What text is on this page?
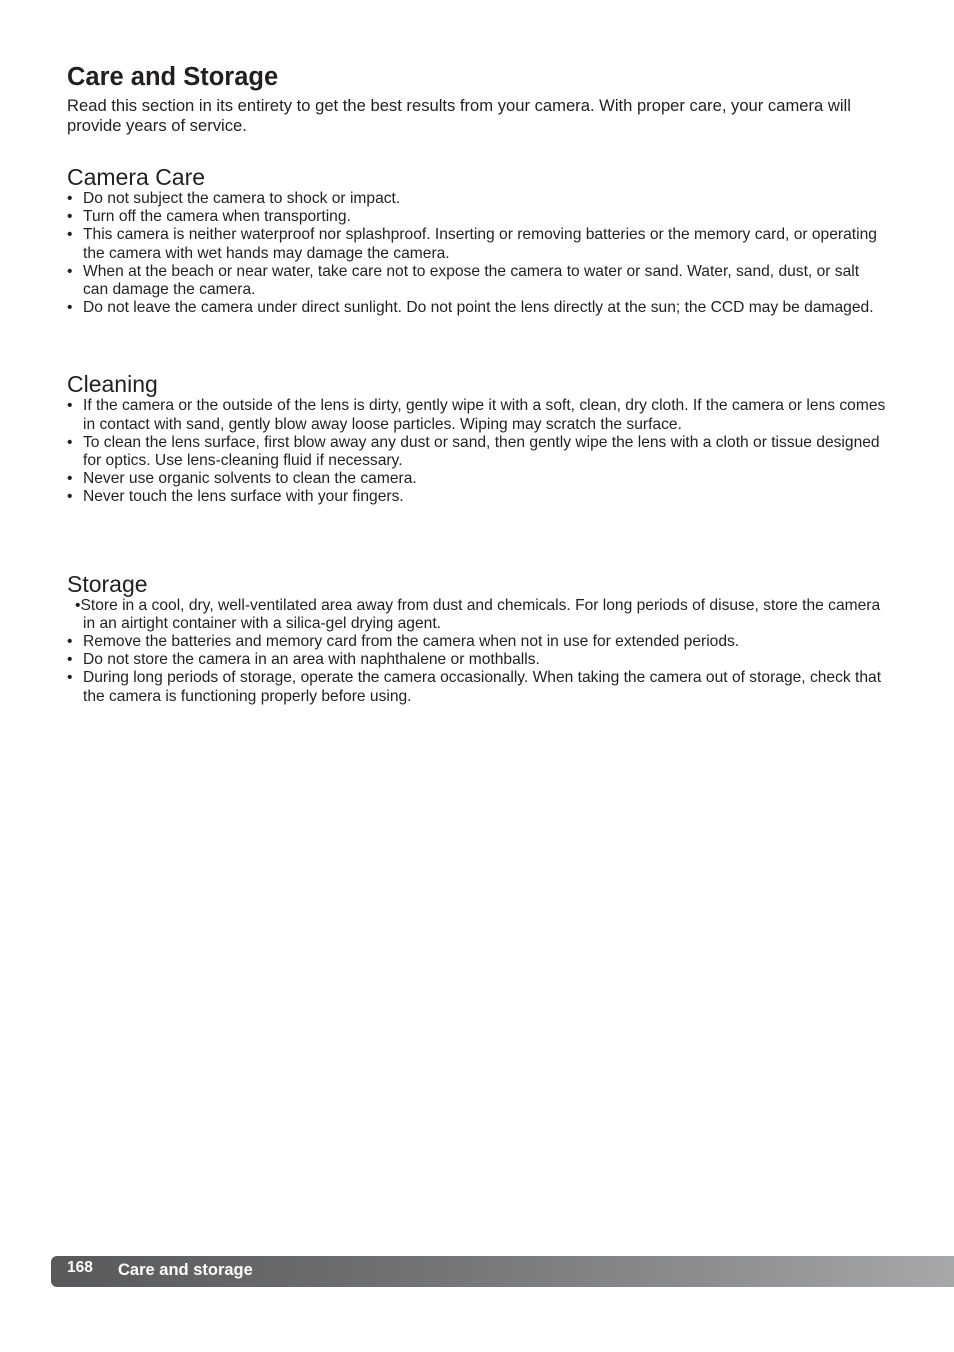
Care and Storage

Read this section in its entirety to get the best results from your camera. With proper care, your camera will provide years of service.

Camera Care
• Do not subject the camera to shock or impact.
• Turn off the camera when transporting.
• This camera is neither waterproof nor splashproof. Inserting or removing batteries or the memory card, or operating the camera with wet hands may damage the camera.
• When at the beach or near water, take care not to expose the camera to water or sand. Water, sand, dust, or salt can damage the camera.
• Do not leave the camera under direct sunlight. Do not point the lens directly at the sun; the CCD may be damaged.
Cleaning
• If the camera or the outside of the lens is dirty, gently wipe it with a soft, clean, dry cloth. If the camera or lens comes in contact with sand, gently blow away loose particles. Wiping may scratch the surface.
• To clean the lens surface, first blow away any dust or sand, then gently wipe the lens with a cloth or tissue designed for optics. Use lens-cleaning fluid if necessary.
• Never use organic solvents to clean the camera.
• Never touch the lens surface with your fingers.
Storage
•Store in a cool, dry, well-ventilated area away from dust and chemicals. For long periods of disuse, store the camera in an airtight container with a silica-gel drying agent.
• Remove the batteries and memory card from the camera when not in use for extended periods.
• Do not store the camera in an area with naphthalene or mothballs.
• During long periods of storage, operate the camera occasionally. When taking the camera out of storage, check that the camera is functioning properly before using.
168 Care and storage
